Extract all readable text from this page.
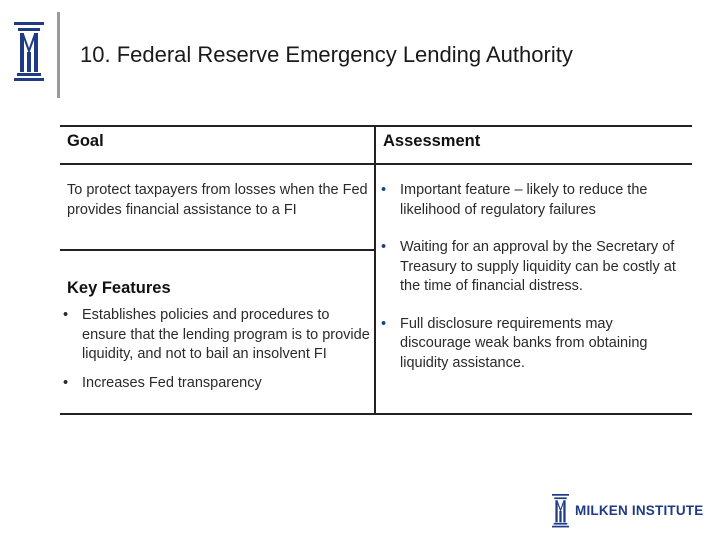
10. Federal Reserve Emergency Lending Authority
Goal	Assessment
To protect taxpayers from losses when the Fed provides financial assistance to a FI
Key Features
• Establishes policies and procedures to ensure that the lending program is to provide liquidity, and not to bail an insolvent FI
• Increases Fed transparency
• Important feature – likely to reduce the likelihood of regulatory failures
• Waiting for an approval by the Secretary of Treasury to supply liquidity can be costly at the time of financial distress.
• Full disclosure requirements may discourage weak banks from obtaining liquidity assistance.
MILKEN INSTITUTE
